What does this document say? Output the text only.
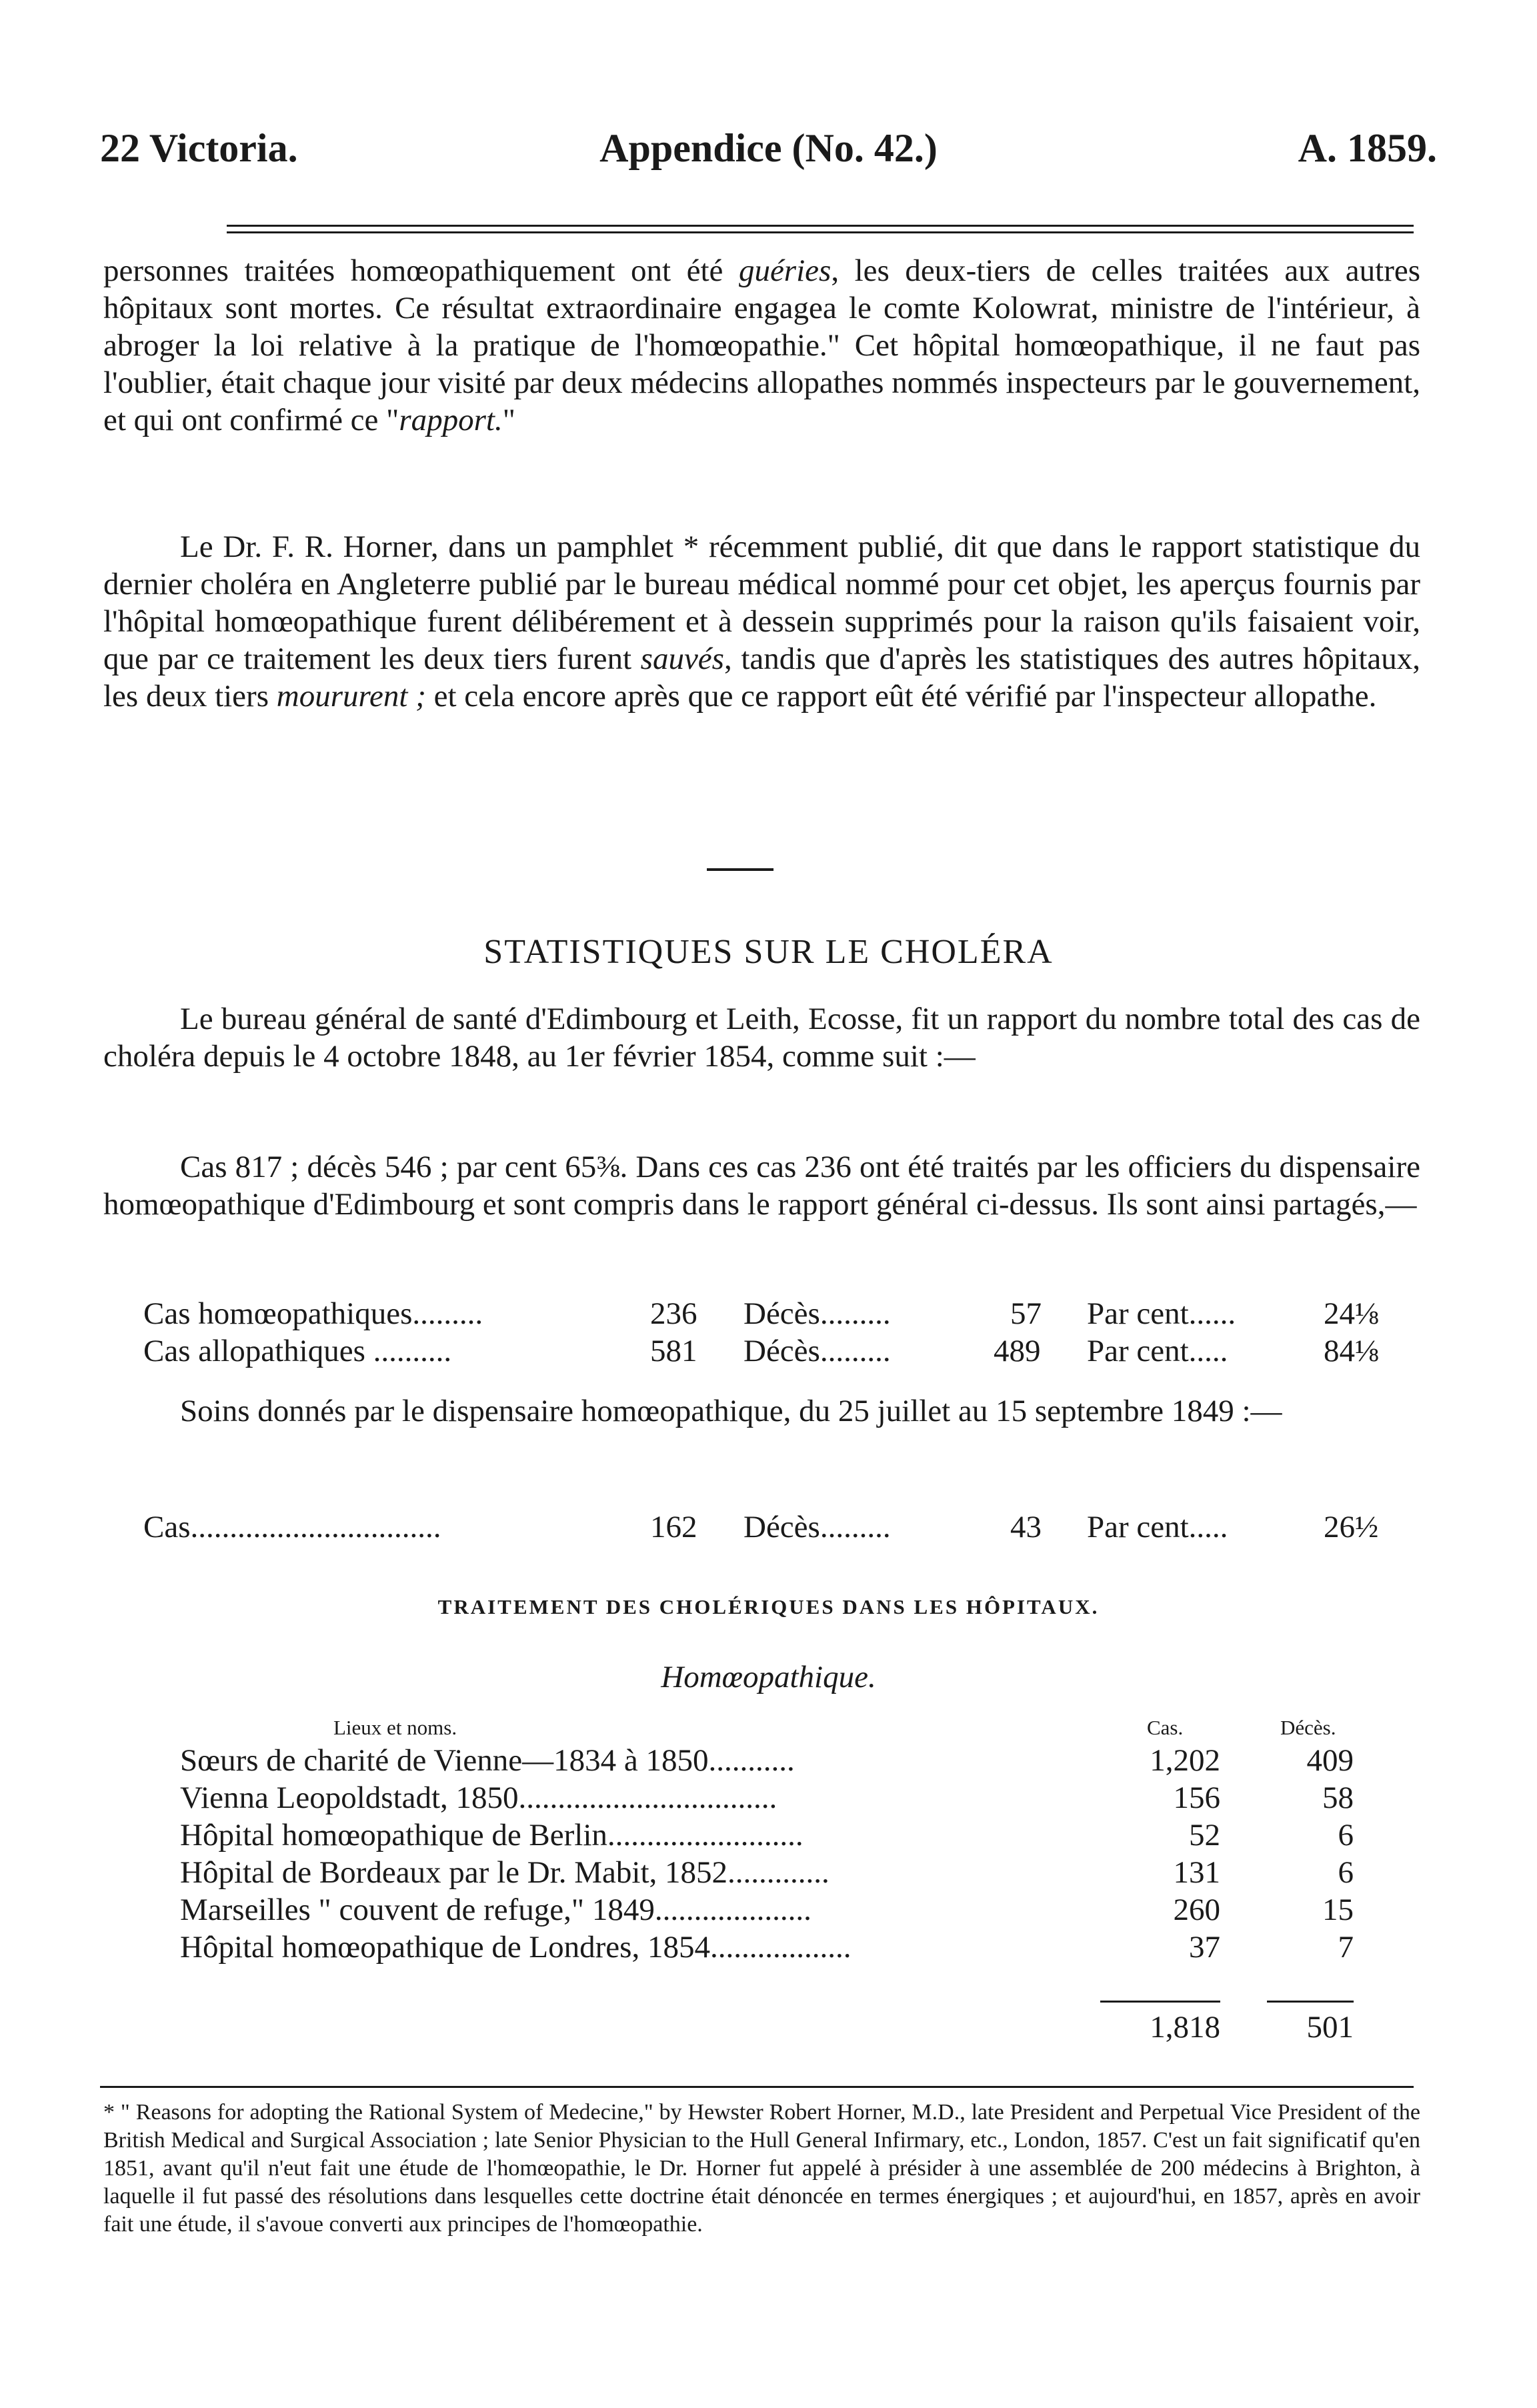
22 Victoria.	Appendice (No. 42.)	A. 1859.

personnes traitées homœopathiquement ont été guéries, les deux-tiers de celles traitées aux autres hôpitaux sont mortes. Ce résultat extraordinaire engagea le comte Kolowrat, ministre de l'intérieur, à abroger la loi relative à la pratique de l'homœopathie." Cet hôpital homœopathique, il ne faut pas l'oublier, était chaque jour visité par deux médecins allopathes nommés inspecteurs par le gouvernement, et qui ont confirmé ce "rapport."

Le Dr. F. R. Horner, dans un pamphlet * récemment publié, dit que dans le rapport statistique du dernier choléra en Angleterre publié par le bureau médical nommé pour cet objet, les aperçus fournis par l'hôpital homœopathique furent délibérement et à dessein supprimés pour la raison qu'ils faisaient voir, que par ce traitement les deux tiers furent sauvés, tandis que d'après les statistiques des autres hôpitaux, les deux tiers moururent ; et cela encore après que ce rapport eût été vérifié par l'inspecteur allopathe.

STATISTIQUES SUR LE CHOLÉRA

Le bureau général de santé d'Edimbourg et Leith, Ecosse, fit un rapport du nombre total des cas de choléra depuis le 4 octobre 1848, au 1er février 1854, comme suit :—

Cas 817 ; décès 546 ; par cent 65⅜. Dans ces cas 236 ont été traités par les officiers du dispensaire homœopathique d'Edimbourg et sont compris dans le rapport général ci-dessus. Ils sont ainsi partagés,—

Cas homœopathiques.........	236 Décès.........	57 Par cent......	24⅛
Cas allopathiques ..........	581 Décès.........	489 Par cent.....	84⅛

Soins donnés par le dispensaire homœopathique, du 25 juillet au 15 septembre 1849 :—

Cas................................	162 Décès.........	43 Par cent.....	26½
TRAITEMENT DES CHOLÉRIQUES DANS LES HÔPITAUX.
Homœopathique.
Lieux et noms.	Cas.	Décès.
Sœurs de charité de Vienne—1834 à 1850...........	1,202	409
Vienna Leopoldstadt, 1850.................................	156	58
Hôpital homœopathique de Berlin.........................	52	6
Hôpital de Bordeaux par le Dr. Mabit, 1852.............	131	6
Marseilles " couvent de refuge," 1849....................	260	15
Hôpital homœopathique de Londres, 1854..................	37	7
1,818	501

* " Reasons for adopting the Rational System of Medecine," by Hewster Robert Horner, M.D., late President and Perpetual Vice President of the British Medical and Surgical Association ; late Senior Physician to the Hull General Infirmary, etc., London, 1857. C'est un fait significatif qu'en 1851, avant qu'il n'eut fait une étude de l'homœopathie, le Dr. Horner fut appelé à présider à une assemblée de 200 médecins à Brighton, à laquelle il fut passé des résolutions dans lesquelles cette doctrine était dénoncée en termes énergiques ; et aujourd'hui, en 1857, après en avoir fait une étude, il s'avoue converti aux principes de l'homœopathie.
